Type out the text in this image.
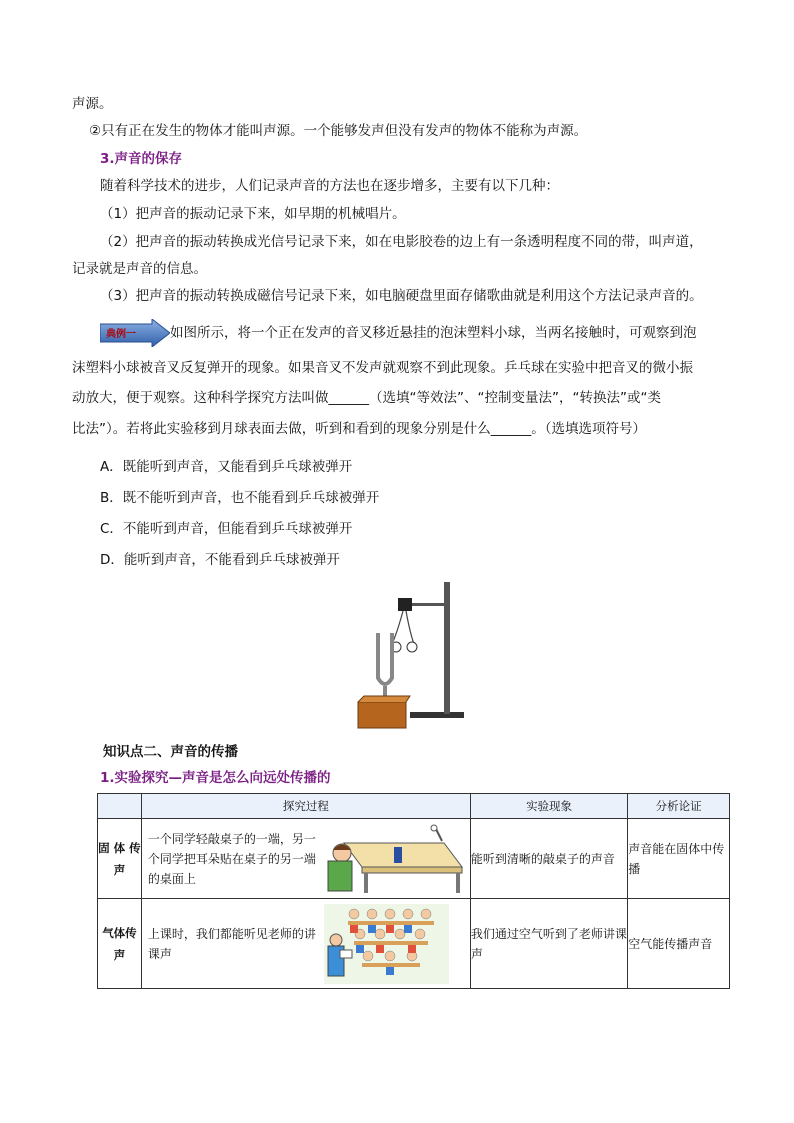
声源。
②只有正在发生的物体才能叫声源。一个能够发声但没有发声的物体不能称为声源。
3.声音的保存
随着科学技术的进步，人们记录声音的方法也在逐步增多，主要有以下几种：
（1）把声音的振动记录下来，如早期的机械唱片。
（2）把声音的振动转换成光信号记录下来，如在电影胶卷的边上有一条透明程度不同的带，叫声道，
记录就是声音的信息。
（3）把声音的振动转换成磁信号记录下来，如电脑硬盘里面存储歌曲就是利用这个方法记录声音的。
典例一	如图所示，将一个正在发声的音叉移近悬挂的泡沫塑料小球，当两名接触时，可观察到泡
沫塑料小球被音叉反复弹开的现象。如果音叉不发声就观察不到此现象。乒乓球在实验中把音叉的微小振
动放大，便于观察。这种科学探究方法叫做______（选填“等效法”、“控制变量法”，“转换法”或“类
比法”）。若将此实验移到月球表面去做，听到和看到的现象分别是什么______。（选填选项符号）
A．既能听到声音，又能看到乒乓球被弹开
B．既不能听到声音，也不能看到乒乓球被弹开
C．不能听到声音，但能看到乒乓球被弹开
D．能听到声音，不能看到乒乓球被弹开
知识点二、声音的传播
1.实验探究—声音是怎么向远处传播的
	探究过程	实验现象	分析论证
固 体 传声	一个同学轻敲桌子的一端，另一个同学把耳朵贴在桌子的另一端的桌面上	能听到清晰的敲桌子的声音	声音能在固体中传播
气体传声	上课时，我们都能听见老师的讲课声	我们通过空气听到了老师讲课声	空气能传播声音
